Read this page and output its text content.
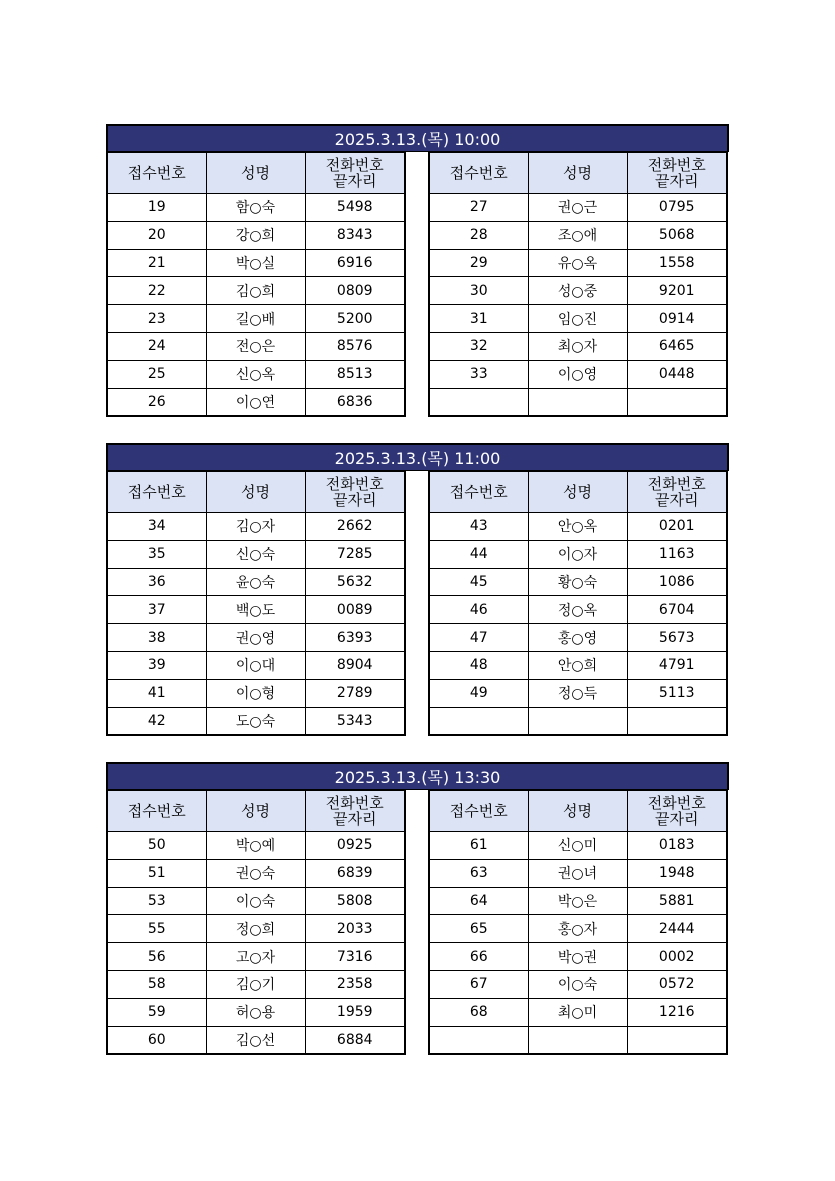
2025.3.13.(목) 10:00
접수번호	성명	전화번호
끝자리

19	함○숙	5498
20	강○희	8343
21	박○실	6916
22	김○희	0809
23	길○배	5200
24	전○은	8576
25	신○옥	8513
26	이○연	6836
접수번호	성명	전화번호
끝자리

27	권○근	0795
28	조○애	5068
29	유○옥	1558
30	성○중	9201
31	임○진	0914
32	최○자	6465
33	이○영	0448

2025.3.13.(목) 11:00
접수번호	성명	전화번호
끝자리

34	김○자	2662
35	신○숙	7285
36	윤○숙	5632
37	백○도	0089
38	권○영	6393
39	이○대	8904
41	이○형	2789
42	도○숙	5343
접수번호	성명	전화번호
끝자리

43	안○옥	0201
44	이○자	1163
45	황○숙	1086
46	정○옥	6704
47	홍○영	5673
48	안○희	4791
49	정○득	5113

2025.3.13.(목) 13:30
접수번호	성명	전화번호
끝자리

50	박○예	0925
51	권○숙	6839
53	이○숙	5808
55	정○희	2033
56	고○자	7316
58	김○기	2358
59	허○용	1959
60	김○선	6884
접수번호	성명	전화번호
끝자리

61	신○미	0183
63	권○녀	1948
64	박○은	5881
65	홍○자	2444
66	박○권	0002
67	이○숙	0572
68	최○미	1216
